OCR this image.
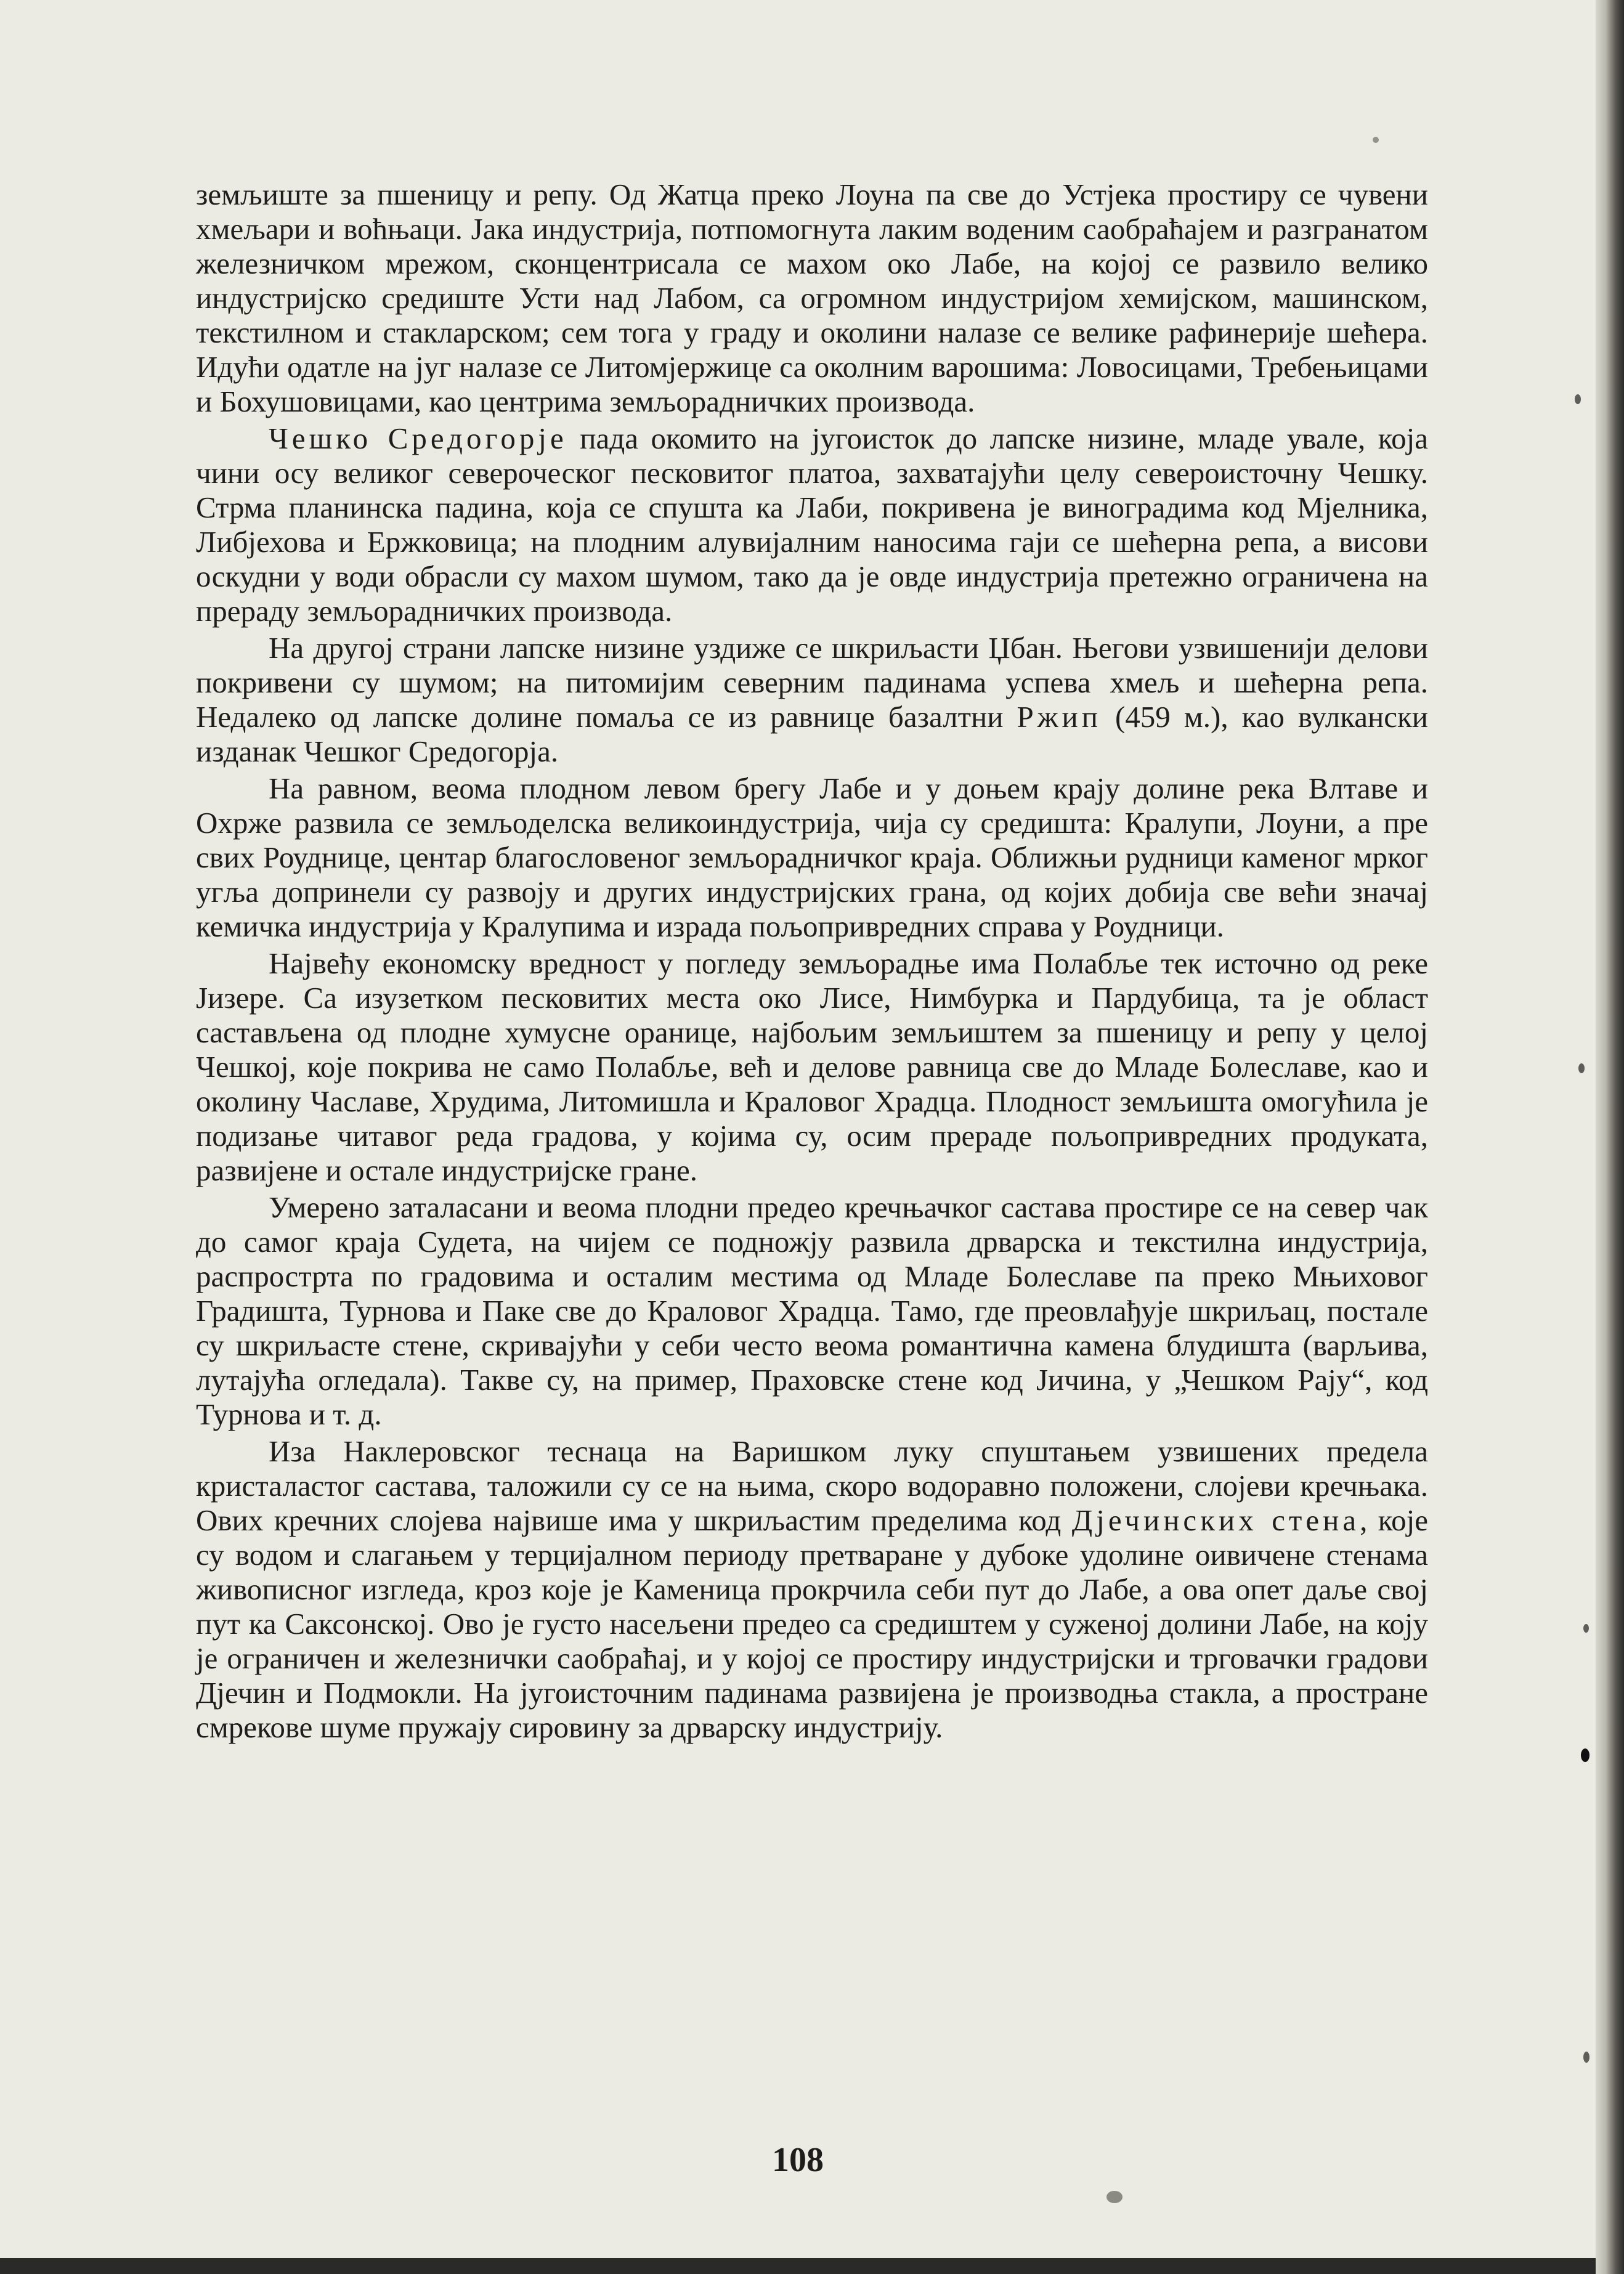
земљиште за пшеницу и репу. Од Жатца преко Лоуна па све до Устјека простиру се чувени хмељари и воћњаци. Јака индустрија, потпомогнута лаким воденим саобраћајем и разгранатом железничком мрежом, сконцентрисала се махом око Лабе, на којој се развило велико индустријско средиште Усти над Лабом, са огромном индустријом хемијском, машинском, текстилном и стакларском; сем тога у граду и околини налазе се велике рафинерије шећера. Идући одатле на југ налазе се Литомјержице са околним варошима: Ловосицами, Требењицами и Бохушовицами, као центрима земљорадничких производа.

Чешко Средогорје пада окомито на југоисток до лапске низине, младе увале, која чини осу великог североческог песковитог платоа, захватајући целу североисточну Чешку. Стрма планинска падина, која се спушта ка Лаби, покривена је виноградима код Мјелника, Либјехова и Ержковица; на плодним алувијалним наносима гаји се шећерна репа, а висови оскудни у води обрасли су махом шумом, тако да је овде индустрија претежно ограничена на прераду земљорадничких производа.

На другој страни лапске низине уздиже се шкриљасти Џбан. Његови узвишенији делови покривени су шумом; на питомијим северним падинама успева хмељ и шећерна репа. Недалеко од лапске долине помаља се из равнице базалтни Ржип (459 м.), као вулкански изданак Чешког Средогорја.

На равном, веома плодном левом брегу Лабе и у доњем крају долине река Влтаве и Охрже развила се земљоделска великоиндустрија, чија су средишта: Кралупи, Лоуни, а пре свих Роуднице, центар благословеног земљорадничког краја. Оближњи рудници каменог мрког угља допринели су развоју и других индустријских грана, од којих добија све већи значај кемичка индустрија у Кралупима и израда пољопривредних справа у Роудници.

Највећу економску вредност у погледу земљорадње има Полабље тек источно од реке Јизере. Са изузетком песковитих места око Лисе, Нимбурка и Пардубица, та је област састављена од плодне хумусне оранице, најбољим земљиштем за пшеницу и репу у целој Чешкој, које покрива не само Полабље, већ и делове равница све до Младе Болеславе, као и околину Чаславе, Хрудима, Литомишла и Краловог Храдца. Плодност земљишта омогућила је подизање читавог реда градова, у којима су, осим прераде пољопривредних продуката, развијене и остале индустријске гране.

Умерено заталасани и веома плодни предео кречњачког састава простире се на север чак до самог краја Судета, на чијем се подножју развила дрварска и текстилна индустрија, распрострта по градовима и осталим местима од Младе Болеславе па преко Мњиховог Градишта, Турнова и Паке све до Краловог Храдца. Тамо, где преовлађује шкриљац, постале су шкриљасте стене, скривајући у себи често веома романтична камена блудишта (варљива, лутајућа огледала). Такве су, на пример, Праховске стене код Јичина, у „Чешком Рају“, код Турнова и т. д.

Иза Наклеровског теснаца на Варишком луку спуштањем узвишених предела кристаластог састава, таложили су се на њима, скоро водоравно положени, слојеви кречњака. Ових кречних слојева највише има у шкриљастим пределима код Дјечинских стена, које су водом и слагањем у терцијалном периоду претваране у дубоке удолине оивичене стенама живописног изгледа, кроз које је Каменица прокрчила себи пут до Лабе, а ова опет даље свој пут ка Саксонској. Ово је густо насељени предео са средиштем у суженој долини Лабе, на коју је ограничен и железнички саобраћај, и у којој се простиру индустријски и трговачки градови Дјечин и Подмокли. На југоисточним падинама развијена је производња стакла, а простране смрекове шуме пружају сировину за дрварску индустрију.

108
